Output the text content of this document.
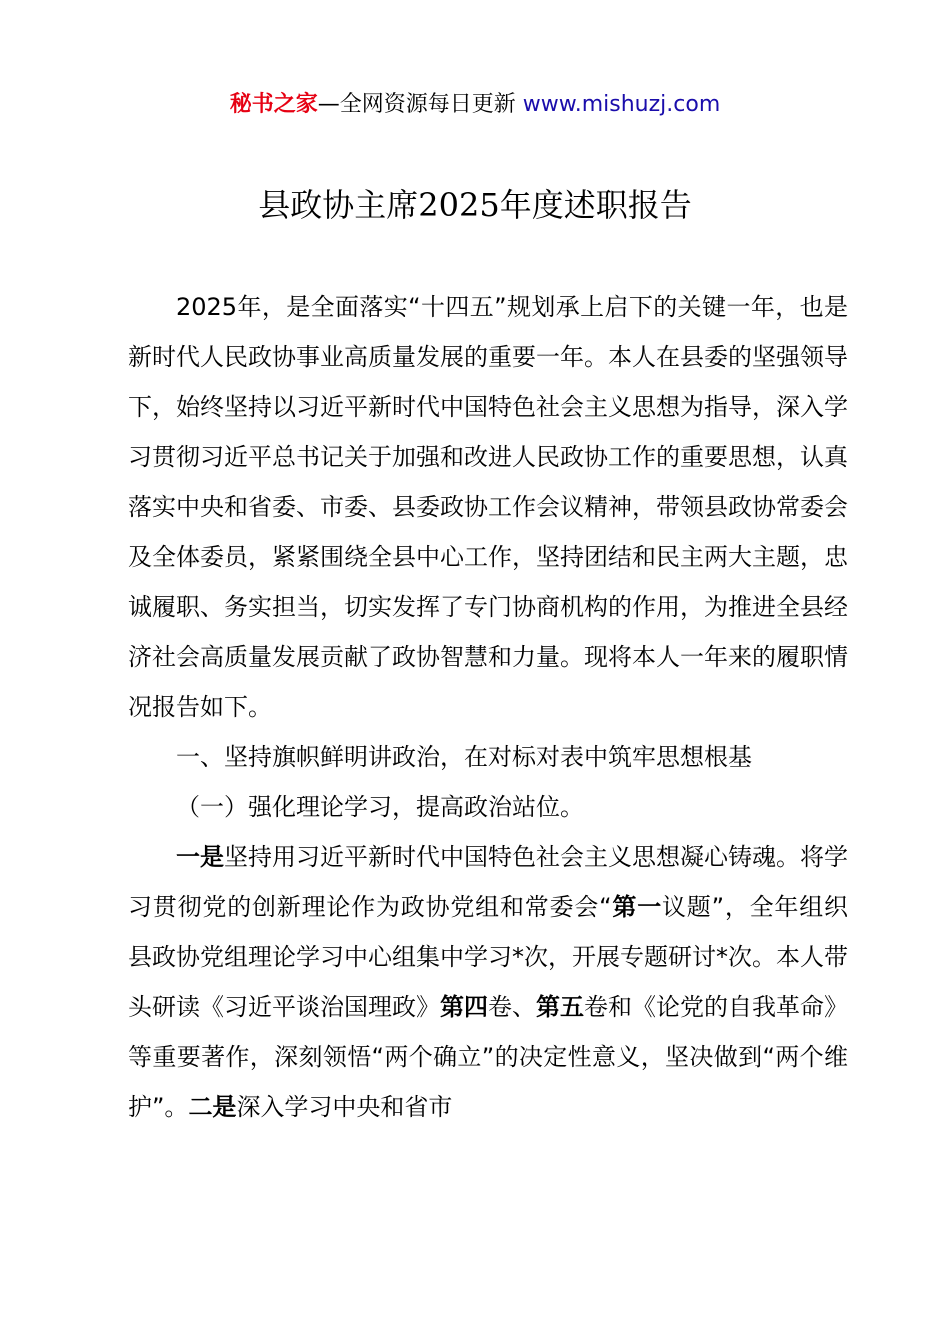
秘书之家—全网资源每日更新 www.mishuzj.com
县政协主席2025年度述职报告

2025年，是全面落实“十四五”规划承上启下的关键一年，也是新时代人民政协事业高质量发展的重要一年。本人在县委的坚强领导下，始终坚持以习近平新时代中国特色社会主义思想为指导，深入学习贯彻习近平总书记关于加强和改进人民政协工作的重要思想，认真落实中央和省委、市委、县委政协工作会议精神，带领县政协常委会及全体委员，紧紧围绕全县中心工作，坚持团结和民主两大主题，忠诚履职、务实担当，切实发挥了专门协商机构的作用，为推进全县经济社会高质量发展贡献了政协智慧和力量。现将本人一年来的履职情况报告如下。

一、坚持旗帜鲜明讲政治，在对标对表中筑牢思想根基

（一）强化理论学习，提高政治站位。

一是坚持用习近平新时代中国特色社会主义思想凝心铸魂。将学习贯彻党的创新理论作为政协党组和常委会“第一议题”，全年组织县政协党组理论学习中心组集中学习*次，开展专题研讨*次。本人带头研读《习近平谈治国理政》第四卷、第五卷和《论党的自我革命》等重要著作，深刻领悟“两个确立”的决定性意义，坚决做到“两个维护”。二是深入学习中央和省市
